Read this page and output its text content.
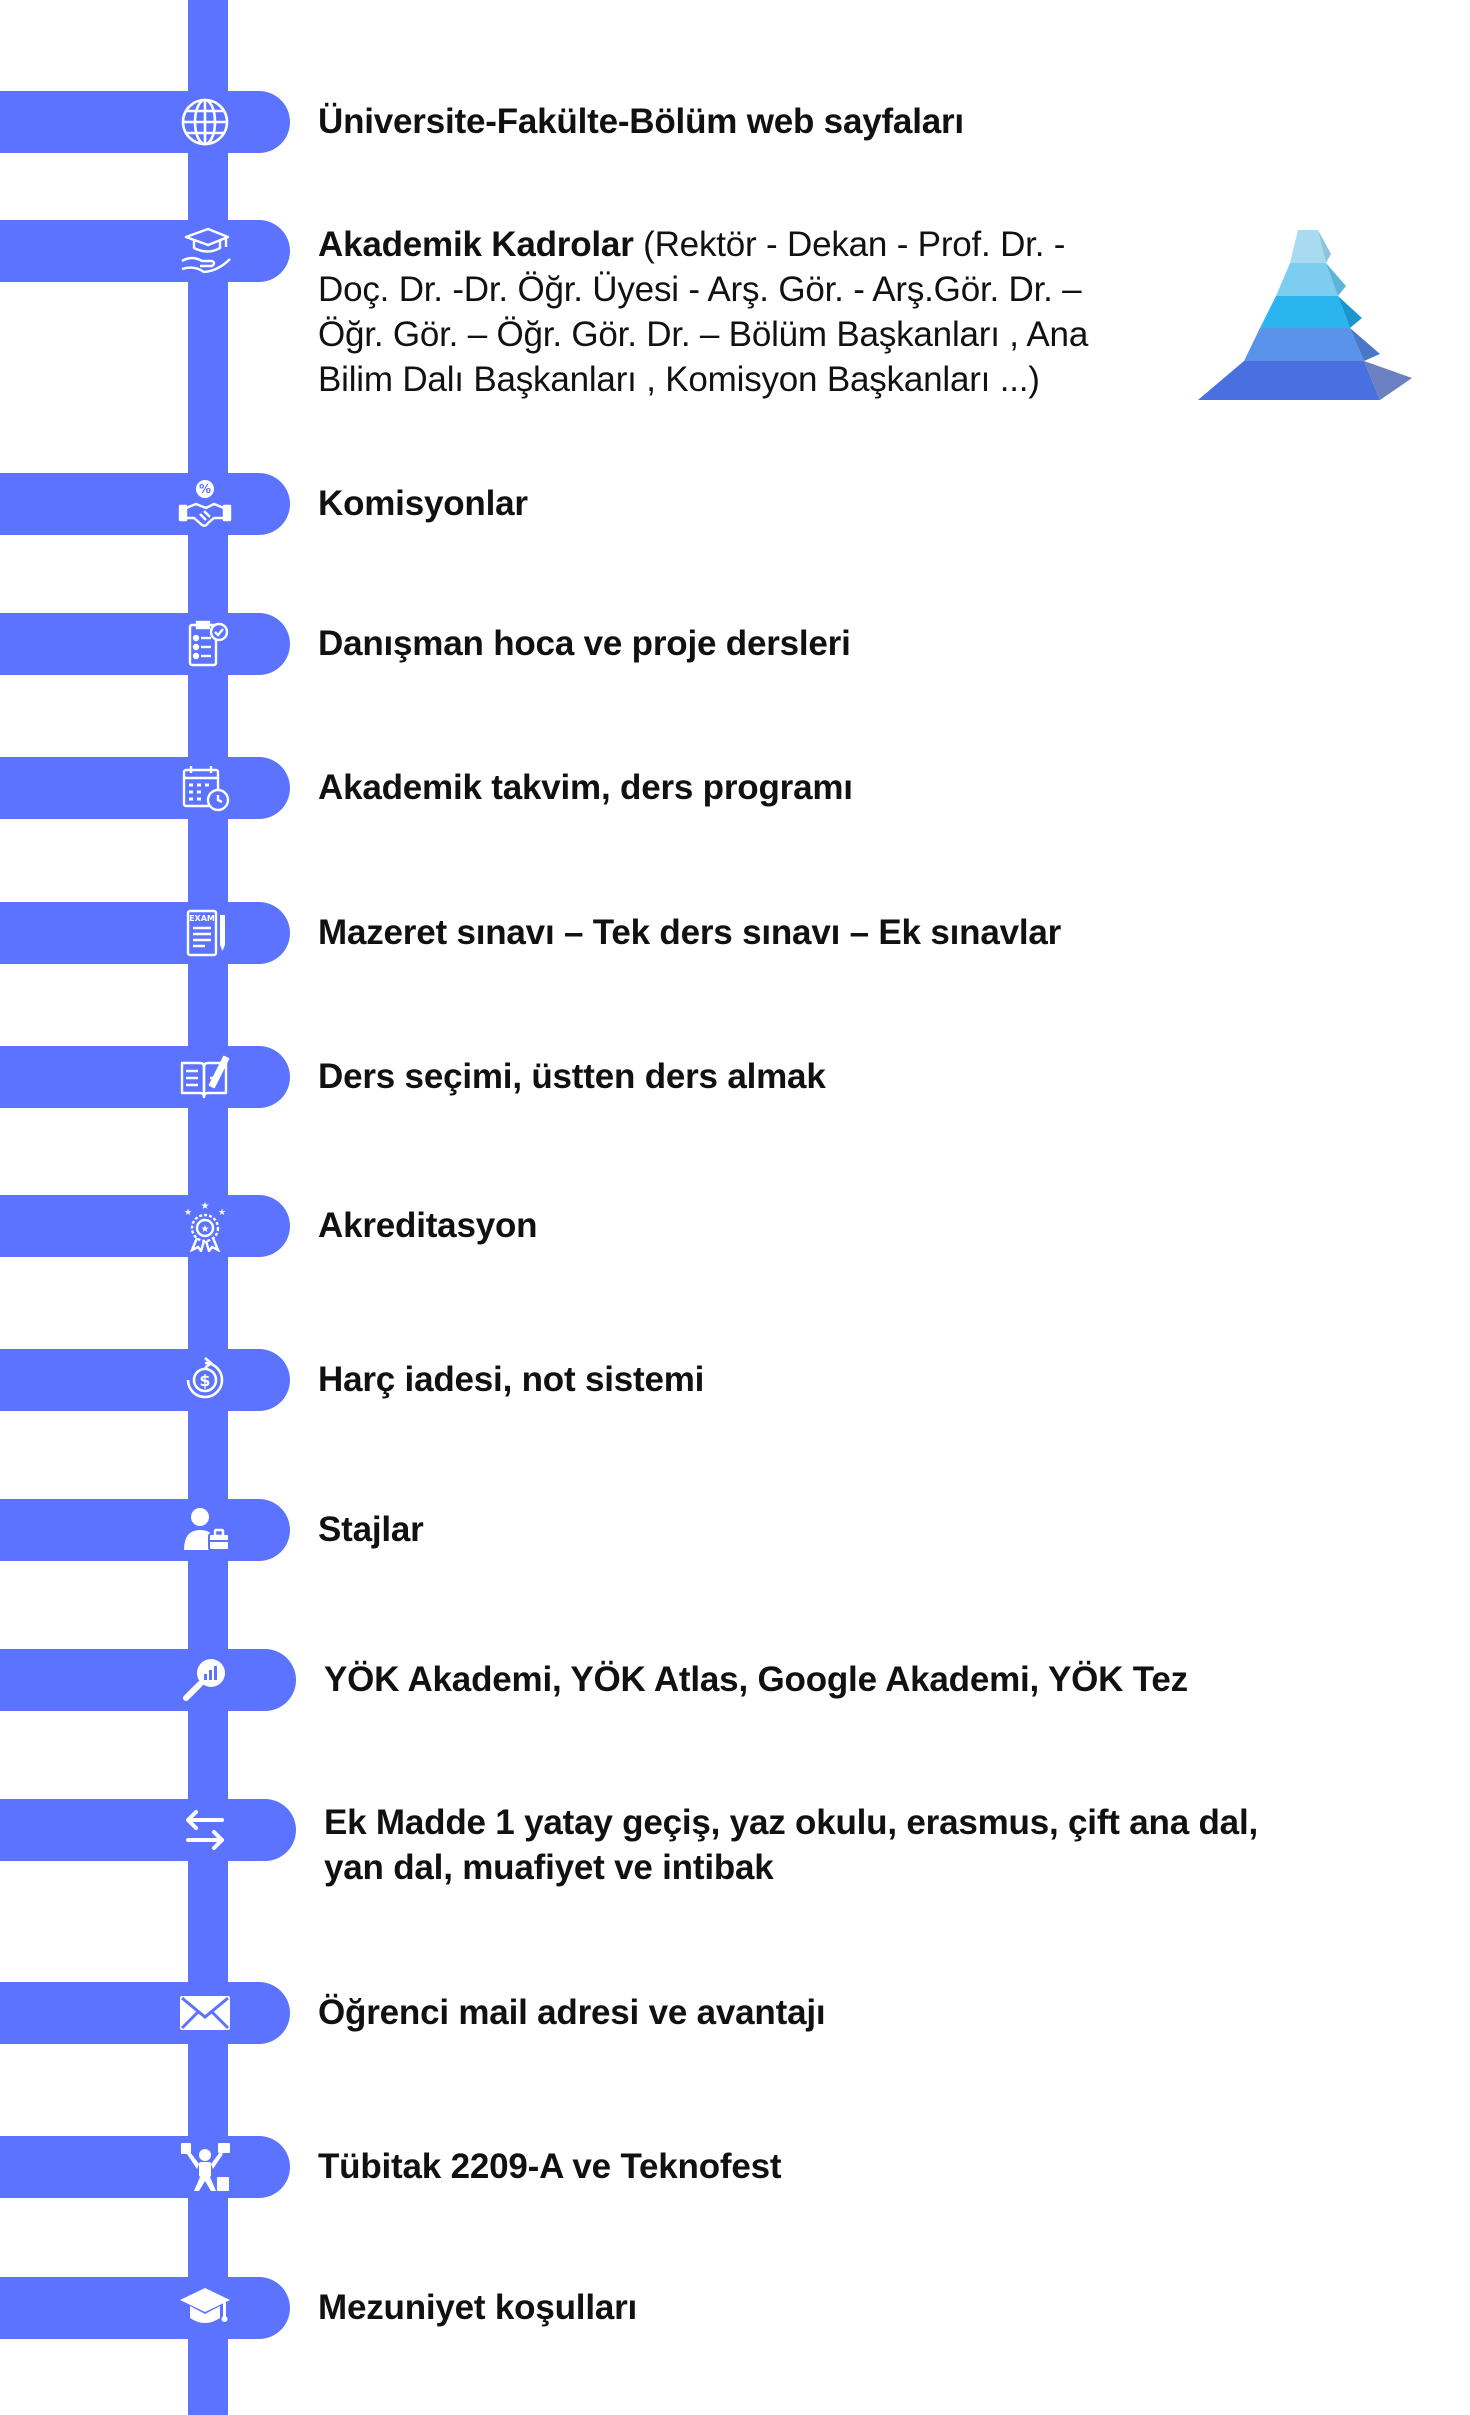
Üniversite-Fakülte-Bölüm web sayfaları
Akademik Kadrolar (Rektör - Dekan - Prof. Dr. -
Doç. Dr. -Dr. Öğr. Üyesi - Arş. Gör. - Arş.Gör. Dr. –
Öğr. Gör. – Öğr. Gör. Dr. – Bölüm Başkanları , Ana
Bilim Dalı Başkanları , Komisyon Başkanları ...)
%	Komisyonlar
Danışman hoca ve proje dersleri
Akademik takvim, ders programı
EXAM	Mazeret sınavı – Tek ders sınavı – Ek sınavlar
Ders seçimi, üstten ders almak
★
★	★
★	Akreditasyon
$	Harç iadesi, not sistemi
Stajlar
YÖK Akademi, YÖK Atlas, Google Akademi, YÖK Tez
Ek Madde 1 yatay geçiş, yaz okulu, erasmus, çift ana dal,
yan dal, muafiyet ve intibak
Öğrenci mail adresi ve avantajı
Tübitak 2209-A ve Teknofest
Mezuniyet koşulları
